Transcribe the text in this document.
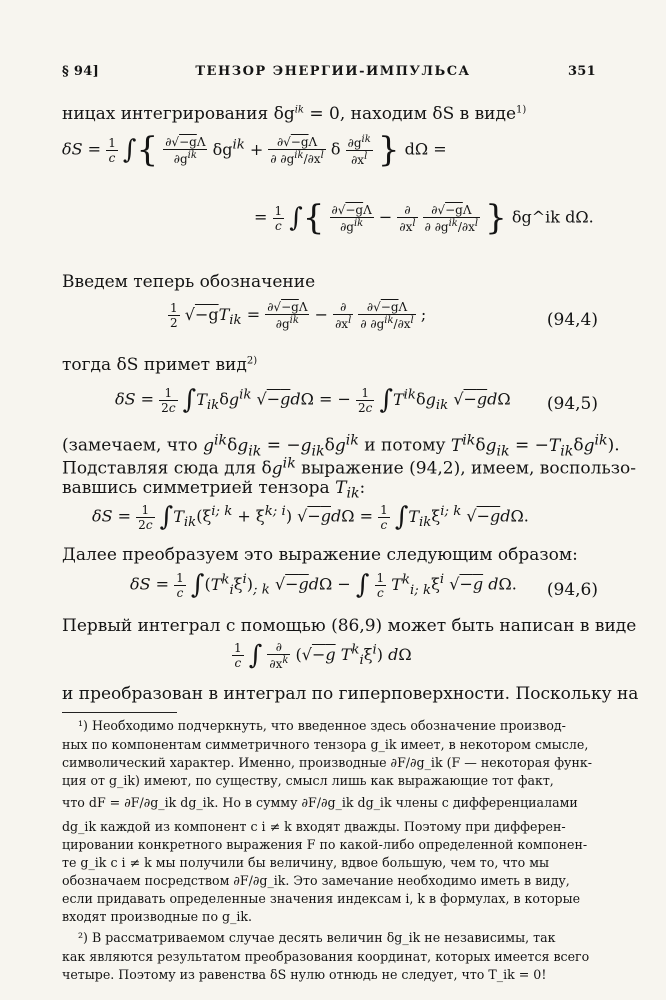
§ 94]	ТЕНЗОР ЭНЕРГИИ-ИМПУЛЬСА	351
ницах интегрирования $\delta g^{ik} = 0$, находим δS в виде$^{1)}$
$\delta S = \frac{1}{c}$ ∫{ $\frac{\partial√-g\Lambda}{\partial g^{ik}} \delta g^{ik} + \frac{\partial√-g\Lambda}{\partial \partial g^{ik}/\partial x^l}$ δ $\frac{\partial g^{ik}}{\partial x^l}$ } dΩ =
= $\frac{1}{c}$ ∫{ $\frac{\partial√-g\Lambda}{\partial g^{ik}} - \frac{\partial}{\partial x^l}$
$\frac{\partial√-g\Lambda}{\partial \partial g^{ik}/\partial x^l}$ } δg^ik dΩ.
Введем теперь обозначение
$\frac{1}{2} √-gT_{ik} = \frac{\partial√-g\Lambda}{\partial g^{ik}} - \frac{\partial}{\partial x^l}$
$\frac{\partial√-g\Lambda}{\partial \partial g^{ik}/\partial x^l}$ ;	(94,4)
тогда δS примет вид$^{2)}$
$\delta S = \frac{1}{2c} \int T_{ik}\delta g^{ik}$ √−gdΩ = − $\frac{1}{2c} \int T^{ik}\delta g_{ik}$ √−gdΩ (94,5)
(замечаем, что $g^{ik}\delta g_{ik} = -g_{ik}\delta g^{ik}$ и потому $T^{ik}\delta g_{ik} = -T_{ik}\delta g^{ik}$).
Подставляя сюда для $\delta g^{ik}$ выражение (94,2), имеем, воспользо-
вавшись симметрией тензора $T_{ik}$:
$\delta S = \frac{1}{2c} \int T_{ik}(\xi^{i; k} + \xi^{k; i}) √-gd\Omega = \frac{1}{c} \int T_{ik}\xi^{i; k}$ √−gdΩ.
Далее преобразуем это выражение следующим образом:
$\delta S = \frac{1}{c} \int(T^k_i\xi^i)_{; k}$ √−gdΩ − ∫ $\frac{1}{c} T^k_{i; k}\xi^i$ √−g dΩ. (94,6)
Первый интеграл с помощью (86,9) может быть написан в виде
$\frac{1}{c}$ ∫ $\frac{\partial}{\partial x^k} (√-g$ $T^k_i\xi^i$) dΩ
и преобразован в интеграл по гиперповерхности. Поскольку на
¹) Необходимо подчеркнуть, что введенное здесь обозначение производ-
ных по компонентам симметричного тензора g_ik имеет, в некотором смысле,
символический характер. Именно, производные ∂F/∂g_ik (F — некоторая функ-
ция от g_ik) имеют, по существу, смысл лишь как выражающие тот факт,
что dF = ∂F/∂g_ik dg_ik. Но в сумму ∂F/∂g_ik dg_ik члены с дифференциалами
dg_ik каждой из компонент с i ≠ k входят дважды. Поэтому при дифферен-
цировании конкретного выражения F по какой-либо определенной компонен-
те g_ik с i ≠ k мы получили бы величину, вдвое большую, чем то, что мы
обозначаем посредством ∂F/∂g_ik. Это замечание необходимо иметь в виду,
если придавать определенные значения индексам i, k в формулах, в которые
входят производные по g_ik.
²) В рассматриваемом случае десять величин δg_ik не независимы, так
как являются результатом преобразования координат, которых имеется всего
четыре. Поэтому из равенства δS нулю отнюдь не следует, что T_ik = 0!
